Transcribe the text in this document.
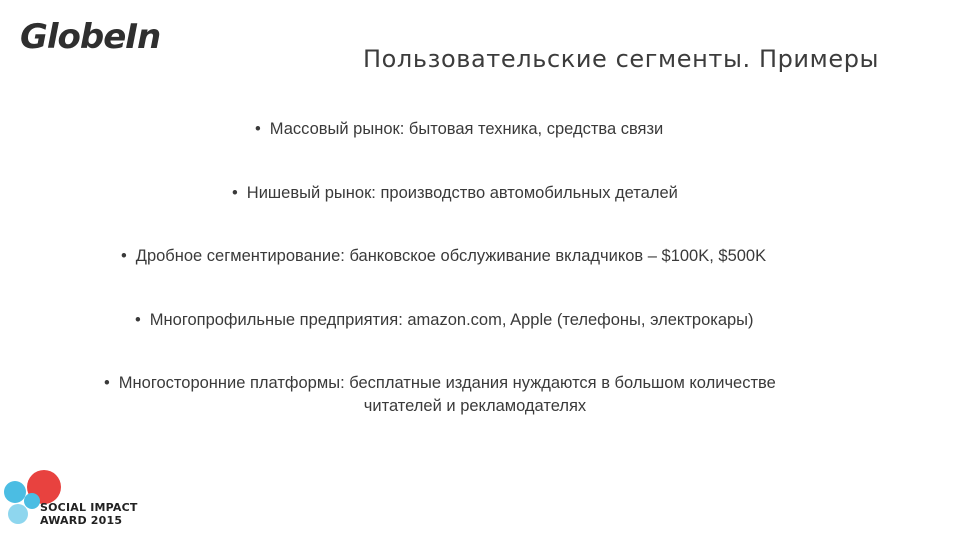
GlobeIn
Пользовательские сегменты. Примеры
• Массовый рынок: бытовая техника, средства связи
• Нишевый рынок: производство автомобильных деталей
• Дробное сегментирование: банковское обслуживание вкладчиков – $100K, $500K
• Многопрофильные предприятия: amazon.com, Apple (телефоны, электрокары)
• Многосторонние платформы: бесплатные издания нуждаются в большом количестве
читателей и рекламодателях
SOCIAL IMPACT
AWARD 2015
